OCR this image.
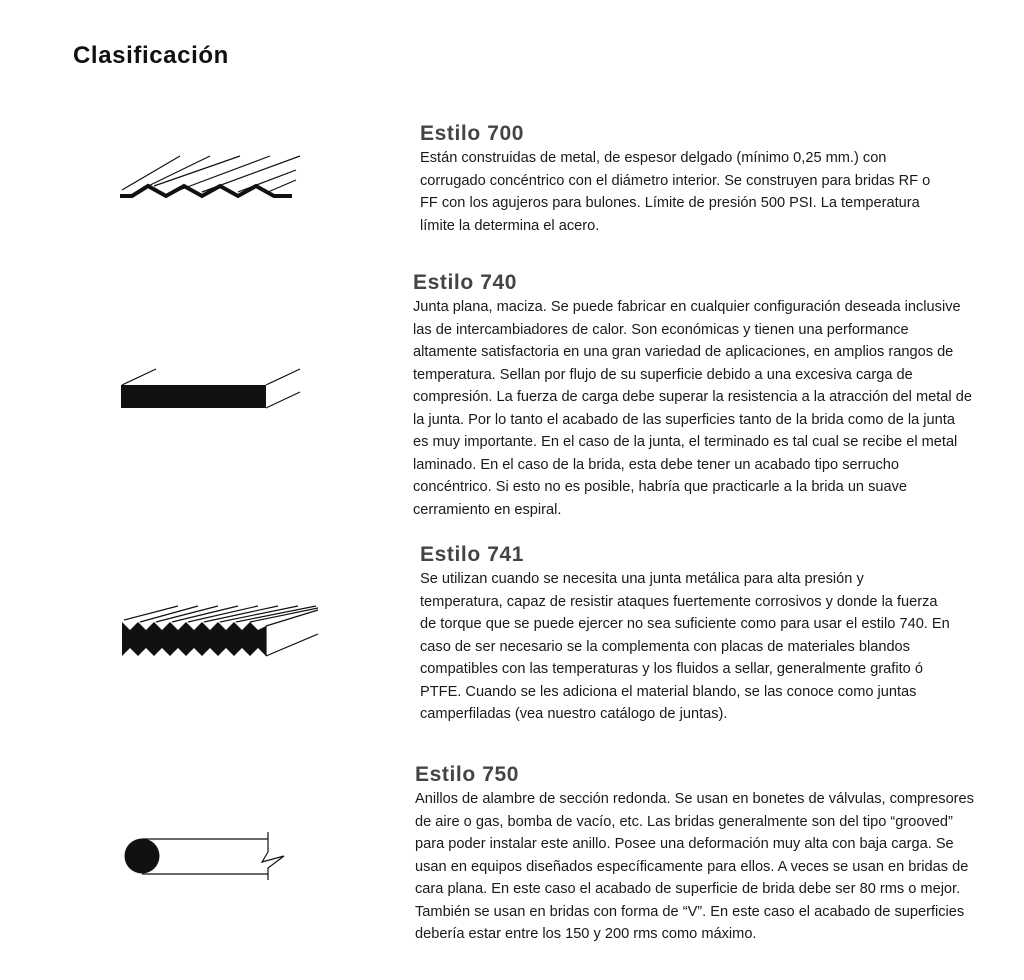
Clasificación
Estilo 700

Están construidas de metal, de espesor delgado (mínimo 0,25 mm.) con corrugado concéntrico con el diámetro interior. Se construyen para bridas RF o FF con los agujeros para bulones. Límite de presión 500 PSI. La temperatura límite la determina el acero.

Estilo 740

Junta plana, maciza. Se puede fabricar en cualquier configuración deseada inclusive las de intercambiadores de calor. Son económicas y tienen una performance altamente satisfactoria en una gran variedad de aplicaciones, en amplios rangos de temperatura. Sellan por flujo de su superficie debido a una excesiva carga de compresión. La fuerza de carga debe superar la resistencia a la atracción del metal de la junta. Por lo tanto el acabado de las superficies tanto de la brida como de la junta es muy importante. En el caso de la junta, el terminado es tal cual se recibe el metal laminado. En el caso de la brida, esta debe tener un acabado tipo serrucho concéntrico. Si esto no es posible, habría que practicarle a la brida un suave cerramiento en espiral.

Estilo 741

Se utilizan cuando se necesita una junta metálica para alta presión y temperatura, capaz de resistir ataques fuertemente corrosivos y donde la fuerza de torque que se puede ejercer no sea suficiente como para usar el estilo 740. En caso de ser necesario se la complementa con placas de materiales blandos compatibles con las temperaturas y los fluidos a sellar, generalmente grafito ó PTFE. Cuando se les adiciona el material blando, se las conoce como juntas camperfiladas (vea nuestro catálogo de juntas).

Estilo 750

Anillos de alambre de sección redonda. Se usan en bonetes de válvulas, compresores de aire o gas, bomba de vacío, etc. Las bridas generalmente son del tipo “grooved” para poder instalar este anillo. Posee una deformación muy alta con baja carga. Se usan en equipos diseñados específicamente para ellos. A veces se usan en bridas de cara plana. En este caso el acabado de superficie de brida debe ser 80 rms o mejor. También se usan en bridas con forma de “V”. En este caso el acabado de superficies debería estar entre los 150 y 200 rms como máximo.
